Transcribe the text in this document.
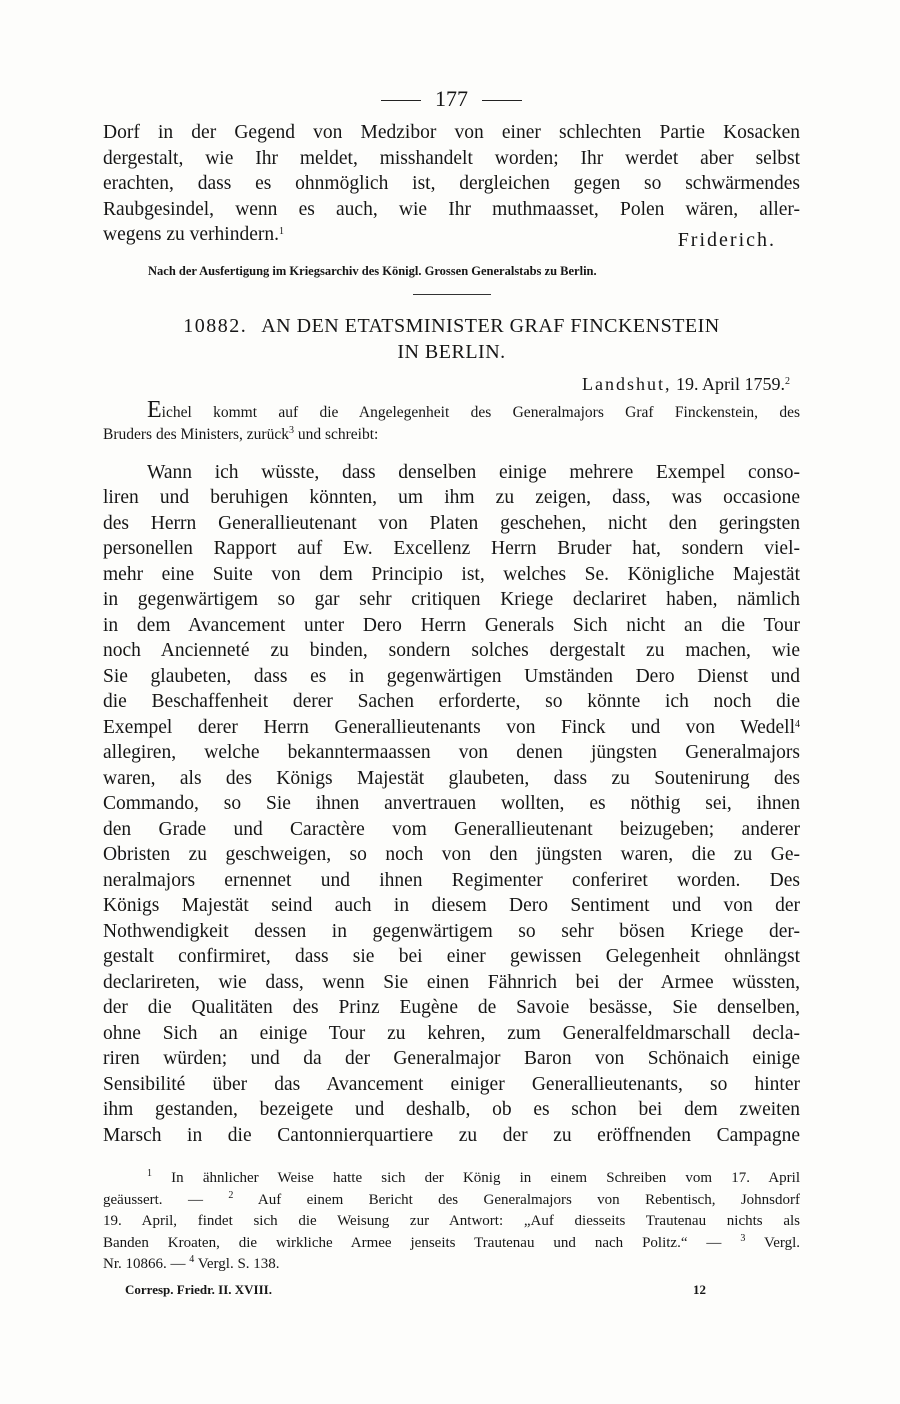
177
Dorf in der Gegend von Medzibor von einer schlechten Partie Kosacken
dergestalt, wie Ihr meldet, misshandelt worden; Ihr werdet aber selbst
erachten, dass es ohnmöglich ist, dergleichen gegen so schwärmendes
Raubgesindel, wenn es auch, wie Ihr muthmaasset, Polen wären, aller-
wegens zu verhindern.$^1$	Friderich.
Nach der Ausfertigung im Kriegsarchiv des Königl. Grossen Generalstabs zu Berlin.
10882. AN DEN ETATSMINISTER GRAF FINCKENSTEIN
IN BERLIN.
Landshut, 19. April 1759.$^2$
Eichel kommt auf die Angelegenheit des Generalmajors Graf Finckenstein, des
Bruders des Ministers, zurück$^3$ und schreibt:
Wann ich wüsste, dass denselben einige mehrere Exempel conso-
liren und beruhigen könnten, um ihm zu zeigen, dass, was occasione
des Herrn Generallieutenant von Platen geschehen, nicht den geringsten
personellen Rapport auf Ew. Excellenz Herrn Bruder hat, sondern viel-
mehr eine Suite von dem Principio ist, welches Se. Königliche Majestät
in gegenwärtigem so gar sehr critiquen Kriege declariret haben, nämlich
in dem Avancement unter Dero Herrn Generals Sich nicht an die Tour
noch Ancienneté zu binden, sondern solches dergestalt zu machen, wie
Sie glaubeten, dass es in gegenwärtigen Umständen Dero Dienst und
die Beschaffenheit derer Sachen erforderte, so könnte ich noch die
Exempel derer Herrn Generallieutenants von Finck und von Wedell$^4$
allegiren, welche bekanntermaassen von denen jüngsten Generalmajors
waren, als des Königs Majestät glaubeten, dass zu Soutenirung des
Commando, so Sie ihnen anvertrauen wollten, es nöthig sei, ihnen
den Grade und Caractère vom Generallieutenant beizugeben; anderer
Obristen zu geschweigen, so noch von den jüngsten waren, die zu Ge-
neralmajors ernennet und ihnen Regimenter conferiret worden. Des
Königs Majestät seind auch in diesem Dero Sentiment und von der
Nothwendigkeit dessen in gegenwärtigem so sehr bösen Kriege der-
gestalt confirmiret, dass sie bei einer gewissen Gelegenheit ohnlängst
declarireten, wie dass, wenn Sie einen Fähnrich bei der Armee wüssten,
der die Qualitäten des Prinz Eugène de Savoie besässe, Sie denselben,
ohne Sich an einige Tour zu kehren, zum Generalfeldmarschall decla-
riren würden; und da der Generalmajor Baron von Schönaich einige
Sensibilité über das Avancement einiger Generallieutenants, so hinter
ihm gestanden, bezeigete und deshalb, ob es schon bei dem zweiten
Marsch in die Cantonnierquartiere zu der zu eröffnenden Campagne
$^1$ In ähnlicher Weise hatte sich der König in einem Schreiben vom 17. April
geäussert. — $^2$ Auf einem Bericht des Generalmajors von Rebentisch, Johnsdorf
19. April, findet sich die Weisung zur Antwort: „Auf diesseits Trautenau nichts als
Banden Kroaten, die wirkliche Armee jenseits Trautenau und nach Politz.“ — $^3$ Vergl.
Nr. 10866. — $^4$ Vergl. S. 138.
Corresp. Friedr. II. XVIII.	12
